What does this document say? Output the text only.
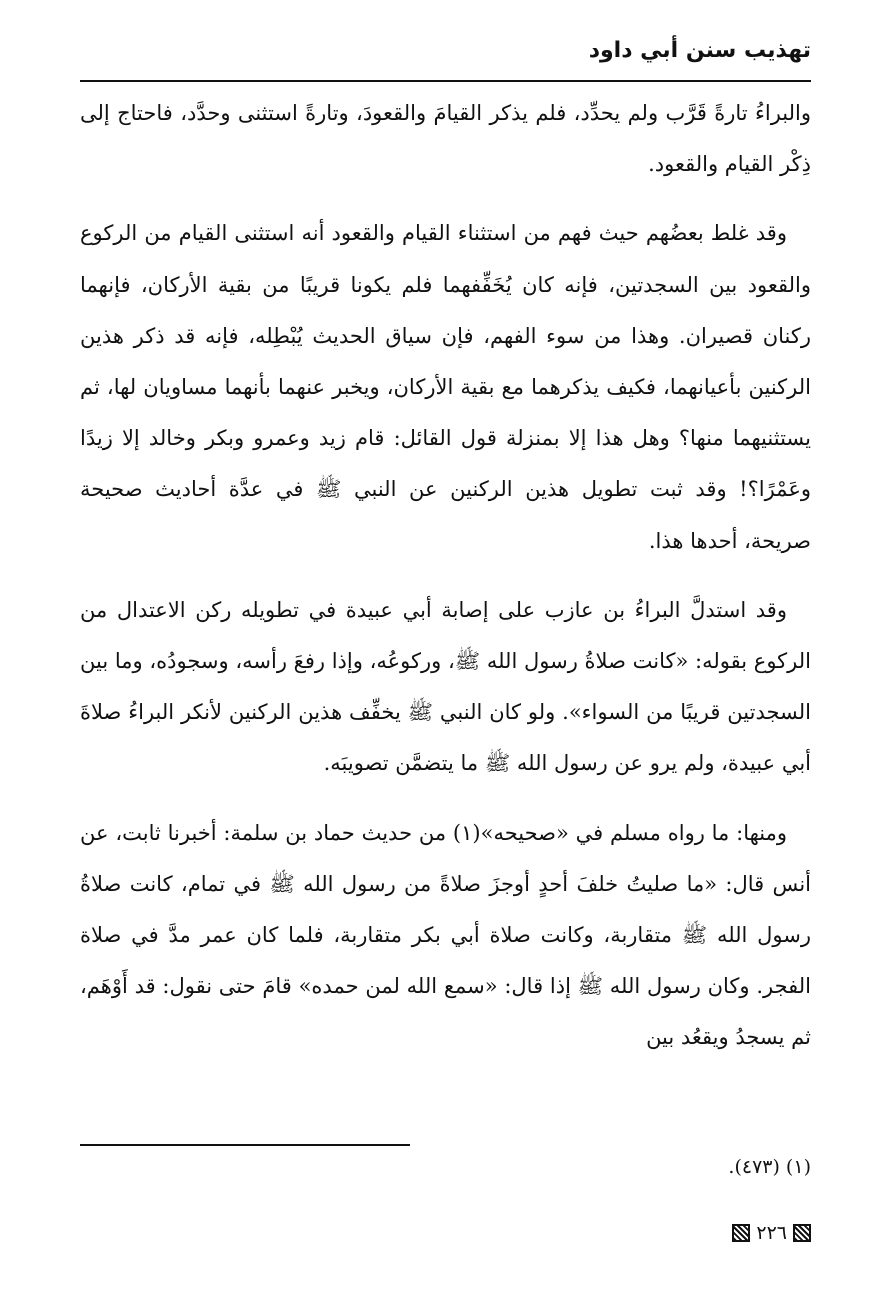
تهذيب سنن أبي داود

والبراءُ تارةً قَرَّب ولم يحدِّد، فلم يذكر القيامَ والقعودَ، وتارةً استثنى وحدَّد، فاحتاج إلى ذِكْر القيام والقعود.

وقد غلط بعضُهم حيث فهم من استثناء القيام والقعود أنه استثنى القيام من الركوع والقعود بين السجدتين، فإنه كان يُخَفِّفهما فلم يكونا قريبًا من بقية الأركان، فإنهما ركنان قصيران. وهذا من سوء الفهم، فإن سياق الحديث يُبْطِله، فإنه قد ذكر هذين الركنين بأعيانهما، فكيف يذكرهما مع بقية الأركان، ويخبر عنهما بأنهما مساويان لها، ثم يستثنيهما منها؟ وهل هذا إلا بمنزلة قول القائل: قام زيد وعمرو وبكر وخالد إلا زيدًا وعَمْرًا؟! وقد ثبت تطويل هذين الركنين عن النبي ﷺ في عدَّة أحاديث صحيحة صريحة، أحدها هذا.

وقد استدلَّ البراءُ بن عازب على إصابة أبي عبيدة في تطويله ركن الاعتدال من الركوع بقوله: «كانت صلاةُ رسول الله ﷺ، وركوعُه، وإذا رفعَ رأسه، وسجودُه، وما بين السجدتين قريبًا من السواء». ولو كان النبي ﷺ يخفِّف هذين الركنين لأنكر البراءُ صلاةَ أبي عبيدة، ولم يرو عن رسول الله ﷺ ما يتضمَّن تصويبَه.

ومنها: ما رواه مسلم في «صحيحه»(١) من حديث حماد بن سلمة: أخبرنا ثابت، عن أنس قال: «ما صليتُ خلفَ أحدٍ أوجزَ صلاةً من رسول الله ﷺ في تمام، كانت صلاةُ رسول الله ﷺ متقاربة، وكانت صلاة أبي بكر متقاربة، فلما كان عمر مدَّ في صلاة الفجر. وكان رسول الله ﷺ إذا قال: «سمع الله لمن حمده» قامَ حتى نقول: قد أَوْهَم، ثم يسجدُ ويقعُد بين

(١) (٤٧٣).
٢٢٦
